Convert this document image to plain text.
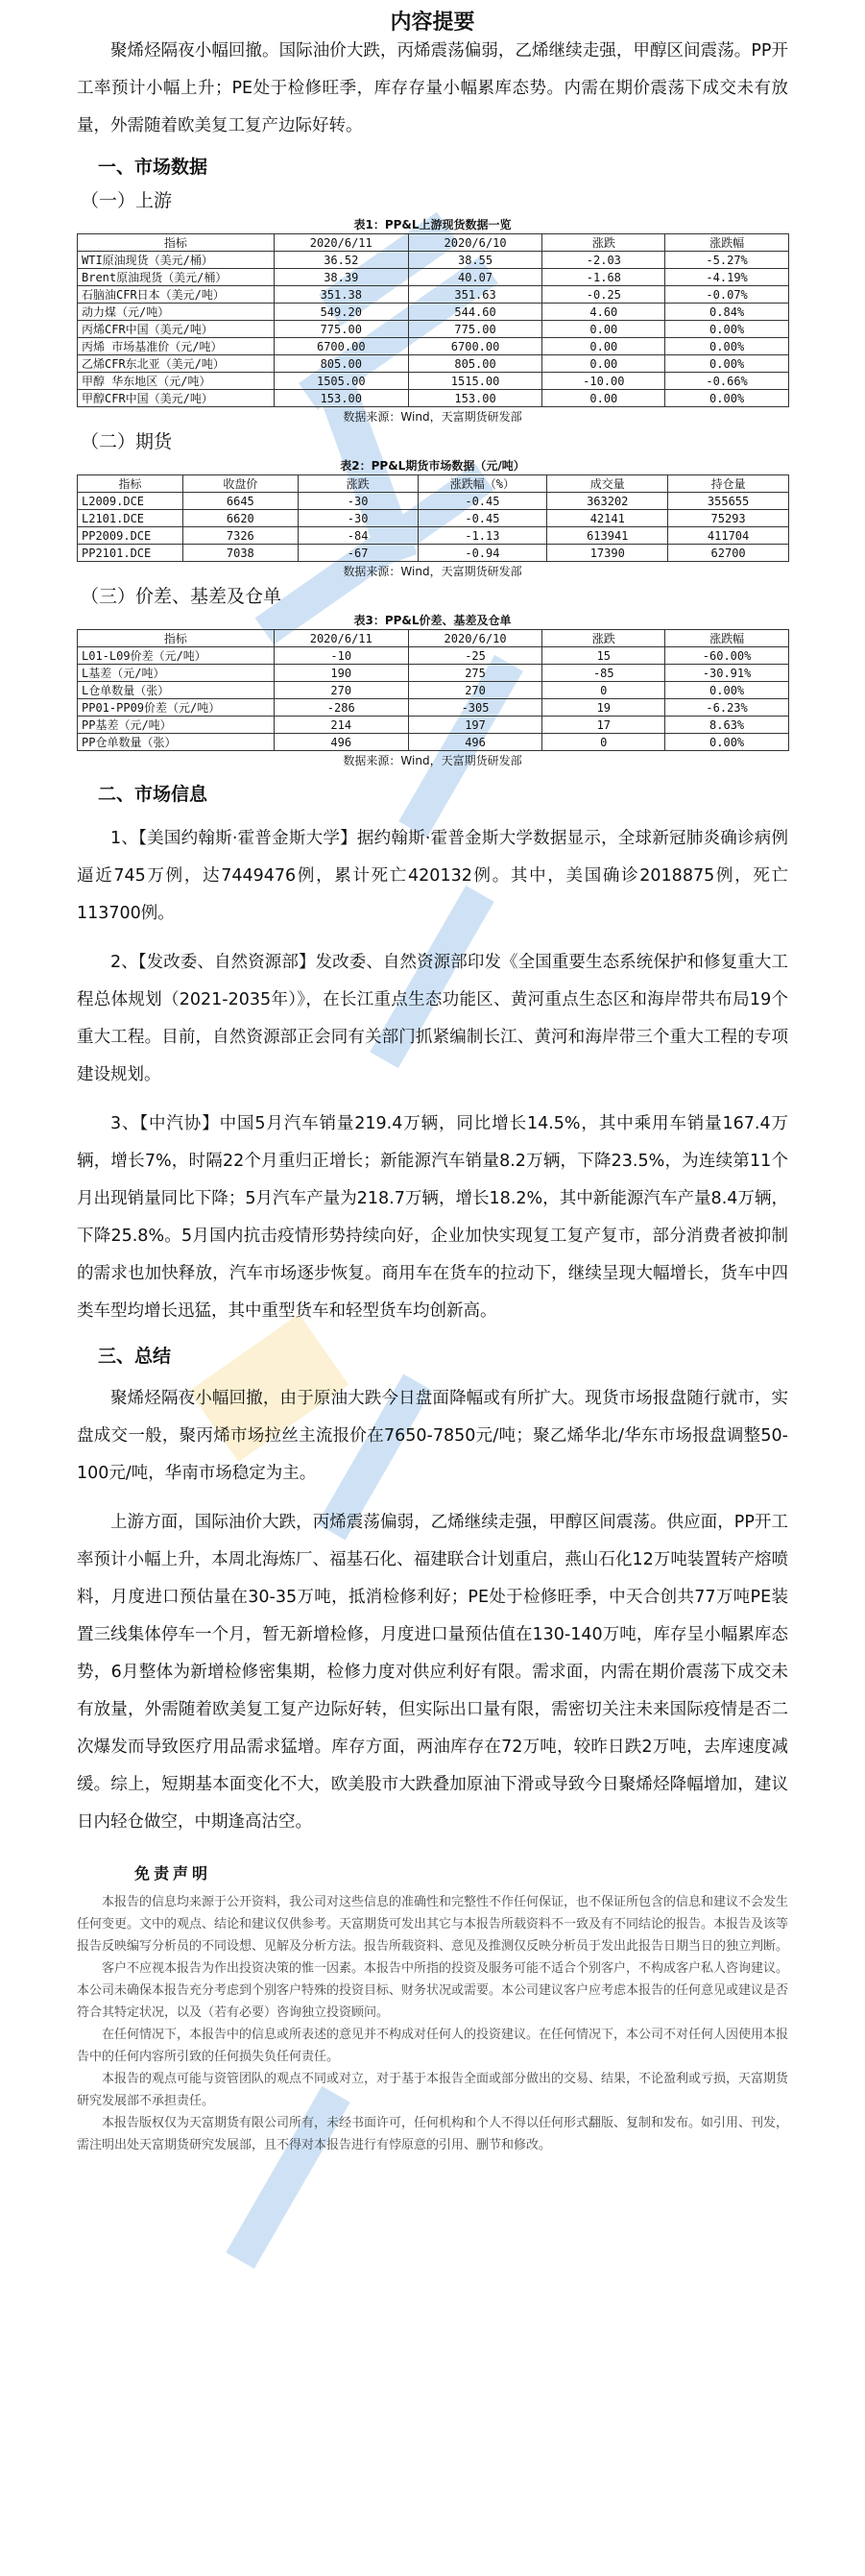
内容提要

聚烯烃隔夜小幅回撤。国际油价大跌，丙烯震荡偏弱，乙烯继续走强，甲醇区间震荡。PP开工率预计小幅上升；PE处于检修旺季，库存存量小幅累库态势。内需在期价震荡下成交未有放量，外需随着欧美复工复产边际好转。

一、市场数据
（一）上游
表1：PP&L上游现货数据一览
指标	2020/6/11	2020/6/10	涨跌	涨跌幅
WTI原油现货（美元/桶）	36.52	38.55	-2.03	-5.27%
Brent原油现货（美元/桶）	38.39	40.07	-1.68	-4.19%
石脑油CFR日本（美元/吨）	351.38	351.63	-0.25	-0.07%
动力煤（元/吨）	549.20	544.60	4.60	0.84%
丙烯CFR中国（美元/吨）	775.00	775.00	0.00	0.00%
丙烯 市场基准价（元/吨）	6700.00	6700.00	0.00	0.00%
乙烯CFR东北亚（美元/吨）	805.00	805.00	0.00	0.00%
甲醇 华东地区（元/吨）	1505.00	1515.00	-10.00	-0.66%
甲醇CFR中国（美元/吨）	153.00	153.00	0.00	0.00%
数据来源：Wind，天富期货研发部
（二）期货
表2：PP&L期货市场数据（元/吨）
指标	收盘价	涨跌	涨跌幅（%）	成交量	持仓量
L2009.DCE	6645	-30	-0.45	363202	355655
L2101.DCE	6620	-30	-0.45	42141	75293
PP2009.DCE	7326	-84	-1.13	613941	411704
PP2101.DCE	7038	-67	-0.94	17390	62700
数据来源：Wind，天富期货研发部
（三）价差、基差及仓单
表3：PP&L价差、基差及仓单
指标	2020/6/11	2020/6/10	涨跌	涨跌幅
L01-L09价差（元/吨）	-10	-25	15	-60.00%
L基差（元/吨）	190	275	-85	-30.91%
L仓单数量（张）	270	270	0	0.00%
PP01-PP09价差（元/吨）	-286	-305	19	-6.23%
PP基差（元/吨）	214	197	17	8.63%
PP仓单数量（张）	496	496	0	0.00%
数据来源：Wind，天富期货研发部
二、市场信息

1、【美国约翰斯·霍普金斯大学】据约翰斯·霍普金斯大学数据显示，全球新冠肺炎确诊病例逼近745万例，达7449476例，累计死亡420132例。其中，美国确诊2018875例，死亡113700例。

2、【发改委、自然资源部】发改委、自然资源部印发《全国重要生态系统保护和修复重大工程总体规划（2021-2035年）》，在长江重点生态功能区、黄河重点生态区和海岸带共布局19个重大工程。目前，自然资源部正会同有关部门抓紧编制长江、黄河和海岸带三个重大工程的专项建设规划。

3、【中汽协】中国5月汽车销量219.4万辆，同比增长14.5%，其中乘用车销量167.4万辆，增长7%，时隔22个月重归正增长；新能源汽车销量8.2万辆，下降23.5%，为连续第11个月出现销量同比下降；5月汽车产量为218.7万辆，增长18.2%，其中新能源汽车产量8.4万辆，下降25.8%。5月国内抗击疫情形势持续向好，企业加快实现复工复产复市，部分消费者被抑制的需求也加快释放，汽车市场逐步恢复。商用车在货车的拉动下，继续呈现大幅增长，货车中四类车型均增长迅猛，其中重型货车和轻型货车均创新高。

三、总结

聚烯烃隔夜小幅回撤，由于原油大跌今日盘面降幅或有所扩大。现货市场报盘随行就市，实盘成交一般，聚丙烯市场拉丝主流报价在7650-7850元/吨；聚乙烯华北/华东市场报盘调整50-100元/吨，华南市场稳定为主。

上游方面，国际油价大跌，丙烯震荡偏弱，乙烯继续走强，甲醇区间震荡。供应面，PP开工率预计小幅上升，本周北海炼厂、福基石化、福建联合计划重启，燕山石化12万吨装置转产熔喷料，月度进口预估量在30-35万吨，抵消检修利好；PE处于检修旺季，中天合创共77万吨PE装置三线集体停车一个月，暂无新增检修，月度进口量预估值在130-140万吨，库存呈小幅累库态势，6月整体为新增检修密集期，检修力度对供应利好有限。需求面，内需在期价震荡下成交未有放量，外需随着欧美复工复产边际好转，但实际出口量有限，需密切关注未来国际疫情是否二次爆发而导致医疗用品需求猛增。库存方面，两油库存在72万吨，较昨日跌2万吨，去库速度减缓。综上，短期基本面变化不大，欧美股市大跌叠加原油下滑或导致今日聚烯烃降幅增加，建议日内轻仓做空，中期逢高沽空。

免责声明

本报告的信息均来源于公开资料，我公司对这些信息的准确性和完整性不作任何保证，也不保证所包含的信息和建议不会发生任何变更。文中的观点、结论和建议仅供参考。天富期货可发出其它与本报告所载资料不一致及有不同结论的报告。本报告及该等报告反映编写分析员的不同设想、见解及分析方法。报告所载资料、意见及推测仅反映分析员于发出此报告日期当日的独立判断。

客户不应视本报告为作出投资决策的惟一因素。本报告中所指的投资及服务可能不适合个别客户，不构成客户私人咨询建议。本公司未确保本报告充分考虑到个别客户特殊的投资目标、财务状况或需要。本公司建议客户应考虑本报告的任何意见或建议是否符合其特定状况，以及（若有必要）咨询独立投资顾问。

在任何情况下，本报告中的信息或所表述的意见并不构成对任何人的投资建议。在任何情况下，本公司不对任何人因使用本报告中的任何内容所引致的任何损失负任何责任。

本报告的观点可能与资管团队的观点不同或对立，对于基于本报告全面或部分做出的交易、结果，不论盈利或亏损，天富期货研究发展部不承担责任。

本报告版权仅为天富期货有限公司所有，未经书面许可，任何机构和个人不得以任何形式翻版、复制和发布。如引用、刊发，需注明出处天富期货研究发展部，且不得对本报告进行有悖原意的引用、删节和修改。
